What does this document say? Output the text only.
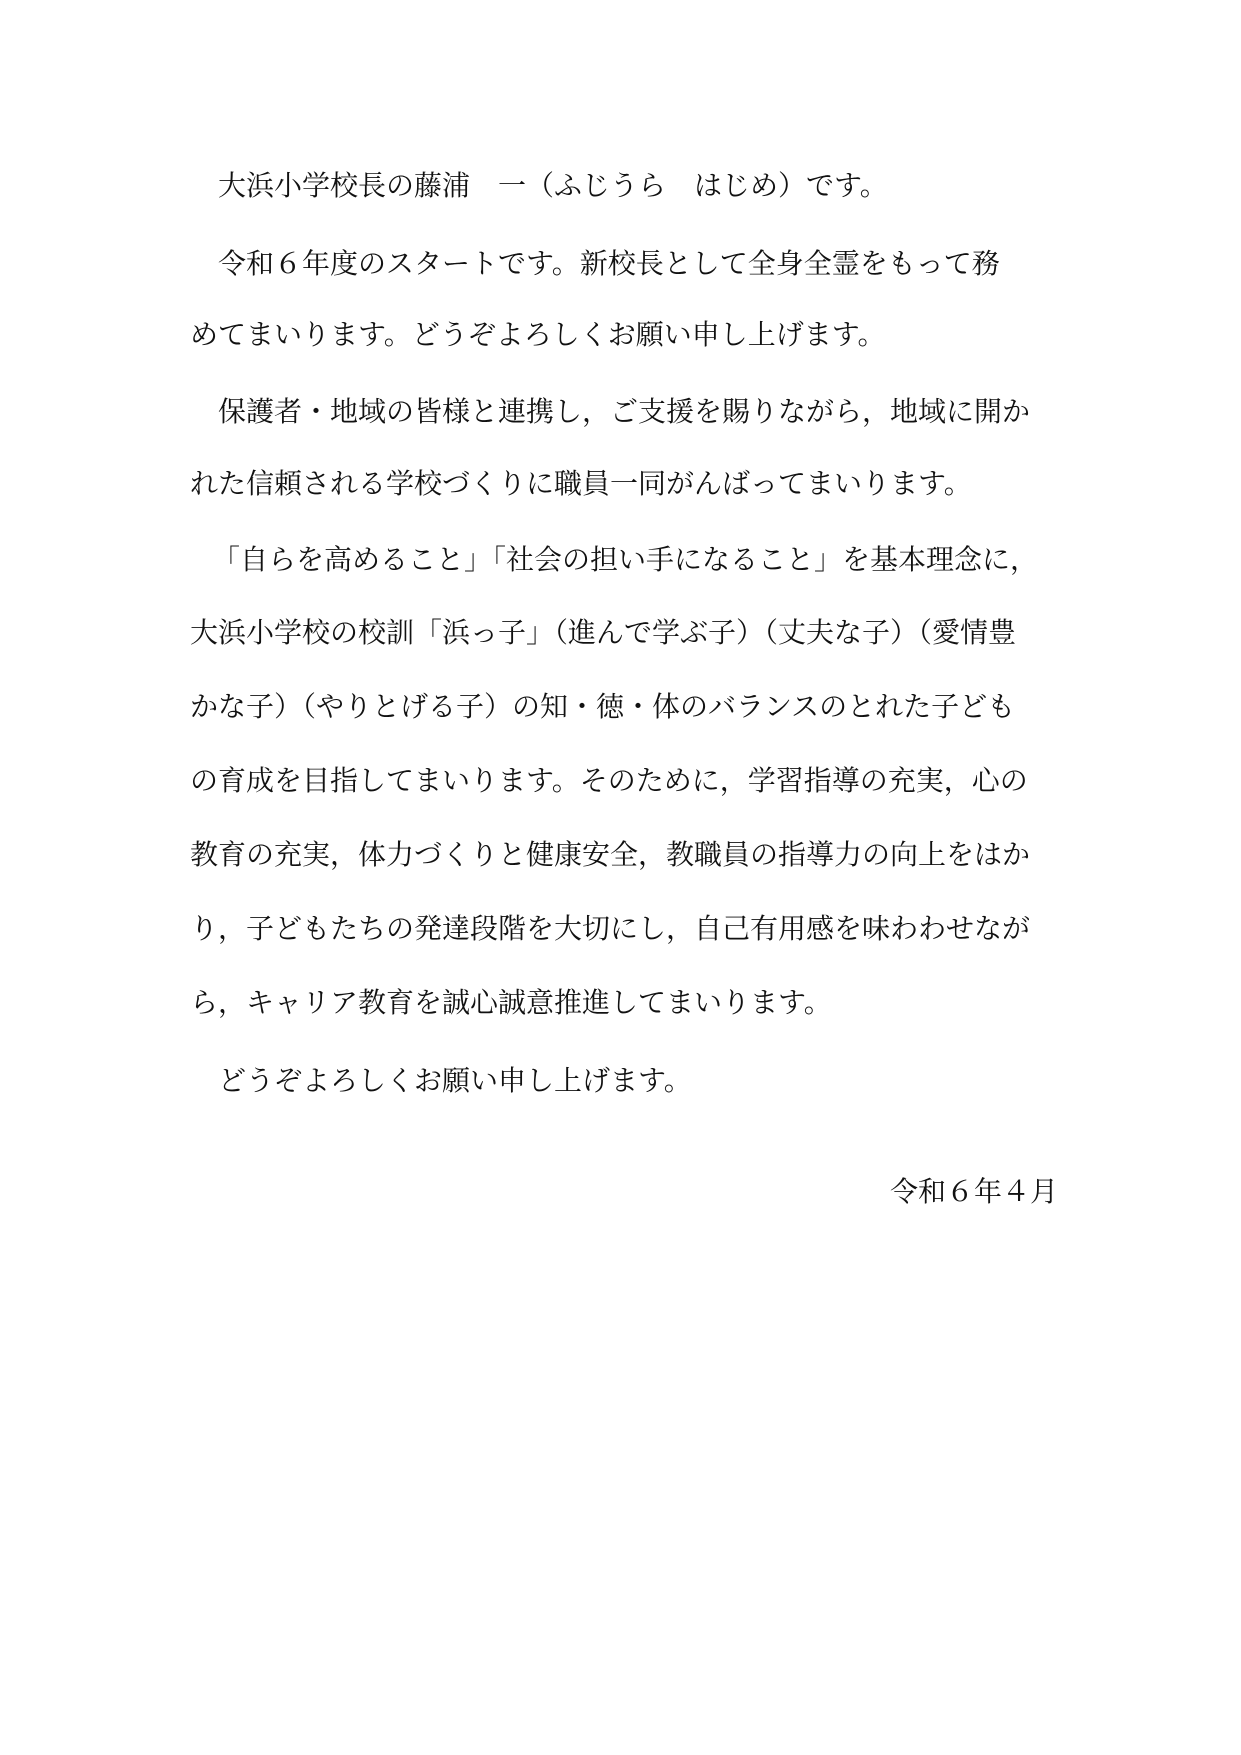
大浜小学校長の藤浦　一（ふじうら　はじめ）です。
令和６年度のスタートです。新校長として全身全霊をもって務
めてまいります。どうぞよろしくお願い申し上げます。
保護者・地域の皆様と連携し，ご支援を賜りながら，地域に開か
れた信頼される学校づくりに職員一同がんばってまいります。
「自らを高めること」「社会の担い手になること」を基本理念に，
大浜小学校の校訓「浜っ子」（進んで学ぶ子）（丈夫な子）（愛情豊
かな子）（やりとげる子）の知・徳・体のバランスのとれた子ども
の育成を目指してまいります。そのために，学習指導の充実，心の
教育の充実，体力づくりと健康安全，教職員の指導力の向上をはか
り，子どもたちの発達段階を大切にし，自己有用感を味わわせなが
ら，キャリア教育を誠心誠意推進してまいります。
どうぞよろしくお願い申し上げます。
令和６年４月
